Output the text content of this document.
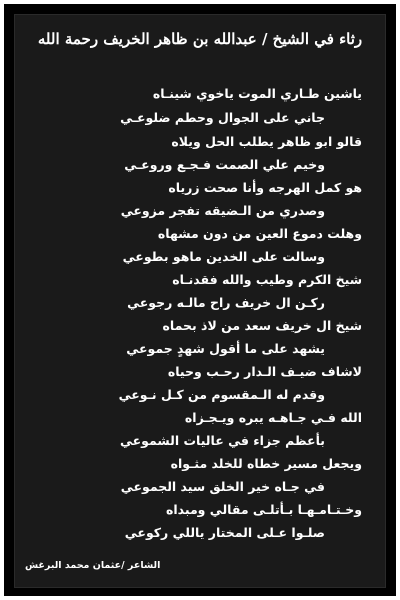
رثاء في الشيخ / عبدالله بن ظاهر الخريف رحمة الله
ياشين طـاري الموت ياخوي شينـاه
جاني على الجوال وحطم ضلوعـي
قالو ابو ظاهر يطلب الحل ويلاه
وخيم علي الصمت فـجـع وروعـي
هو كمل الهرجه وأنا صحت زرياه
وصدري من الـضيقه تفجر مزوعي
وهلت دموع العين من دون مشهاه
وسالت على الخدين ماهو بطوعي
شيخ الكرم وطيب والله فقدنـاه
ركـن ال خريف راح مالـه رجوعي
شيخ ال خريف سعد من لاذ بحماه
يشهد على ما أقول شهدٍ جموعي
لاشاف ضيـف الـدار رحـب وحياه
وقدم له الـمقسوم من كـل نـوعي
الله فـي جـاهـه يبره ويـجـزاه
بأعظم جزاء في عاليات الشموعي
ويجعل مسير خطاه للخلد مثـواه
في جـاه خير الخلق سيد الجموعي
وخـتـامـهـا بـأتلـى مقالي ومبداه
صلـوا عـلى المختار ياللي ركوعي
الشاعر /عثمان محمد البرغش
